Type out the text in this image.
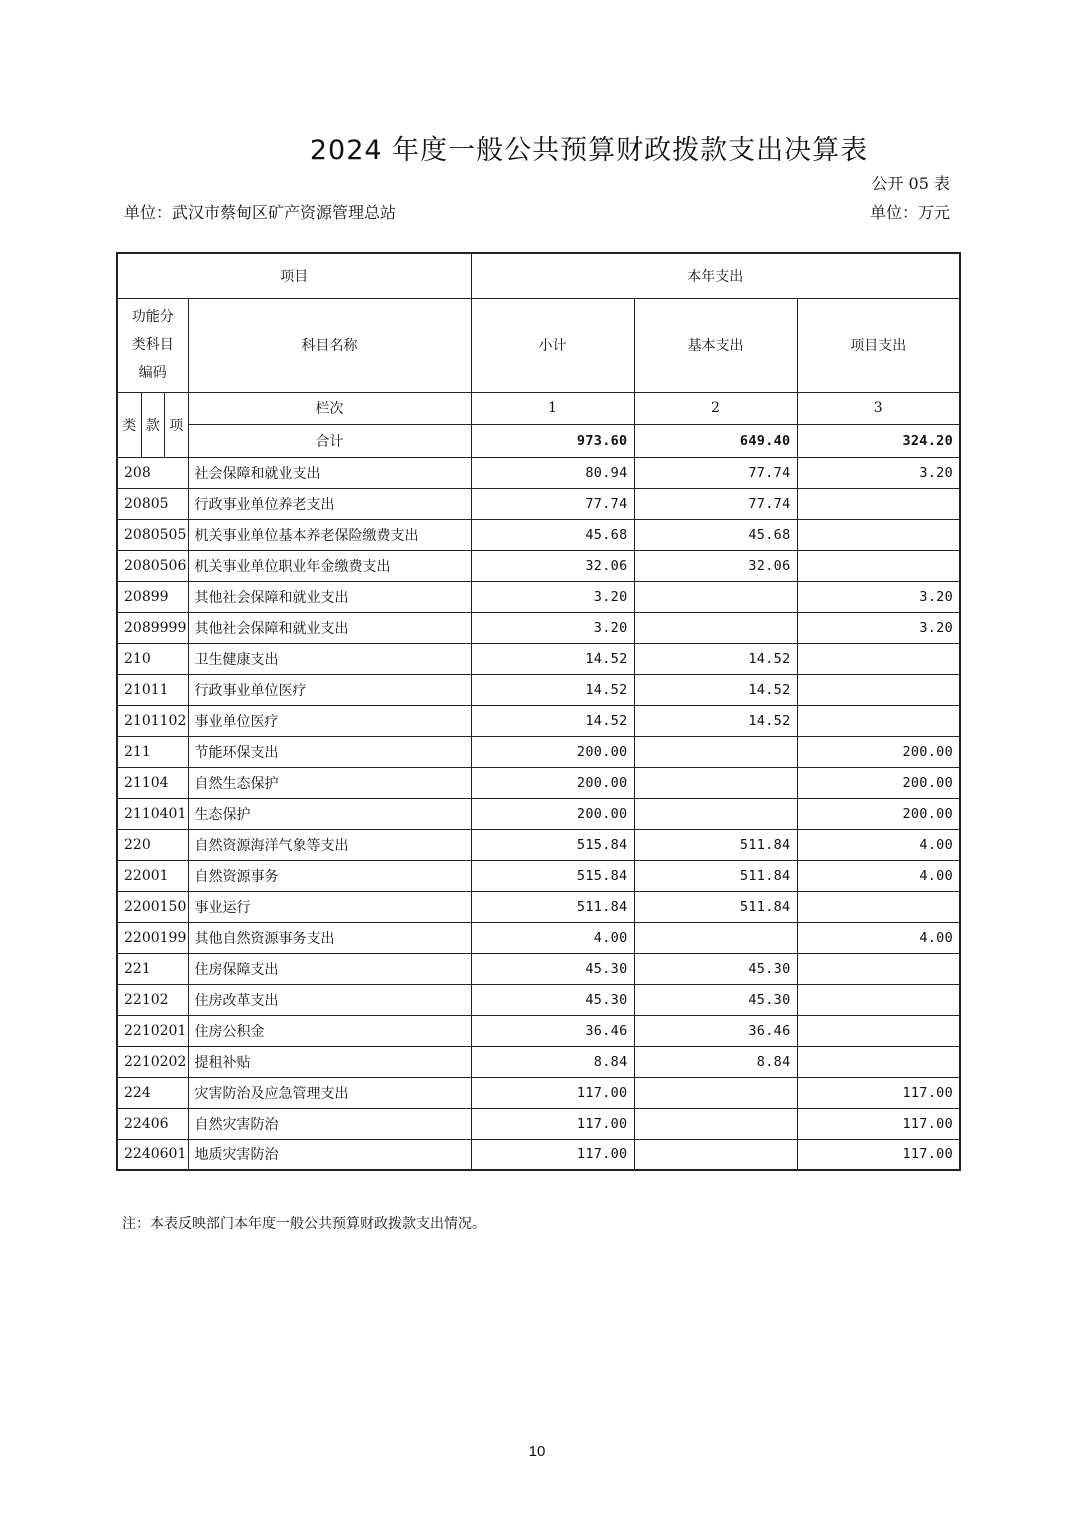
2024 年度一般公共预算财政拨款支出决算表
公开 05 表
单位：武汉市蔡甸区矿产资源管理总站	单位：万元
项目		本年支出		
功能分
类科目
编码	科目名称	小计	基本支出	项目支出

类 款 项	栏次	1	2	3
	合计	973.60	649.40	324.20
208	社会保障和就业支出	80.94	77.74	3.20
20805	行政事业单位养老支出	77.74	77.74	
2080505	机关事业单位基本养老保险缴费支出	45.68	45.68	
2080506	机关事业单位职业年金缴费支出	32.06	32.06	
20899	其他社会保障和就业支出	3.20		3.20
2089999	其他社会保障和就业支出	3.20		3.20
210	卫生健康支出	14.52	14.52	
21011	行政事业单位医疗	14.52	14.52	
2101102	事业单位医疗	14.52	14.52	
211	节能环保支出	200.00		200.00
21104	自然生态保护	200.00		200.00
2110401	生态保护	200.00		200.00
220	自然资源海洋气象等支出	515.84	511.84	4.00
22001	自然资源事务	515.84	511.84	4.00
2200150	事业运行	511.84	511.84	
2200199	其他自然资源事务支出	4.00		4.00
221	住房保障支出	45.30	45.30	
22102	住房改革支出	45.30	45.30	
2210201	住房公积金	36.46	36.46	
2210202	提租补贴	8.84	8.84	
224	灾害防治及应急管理支出	117.00		117.00
22406	自然灾害防治	117.00		117.00
2240601	地质灾害防治	117.00		117.00
注：本表反映部门本年度一般公共预算财政拨款支出情况。
10
